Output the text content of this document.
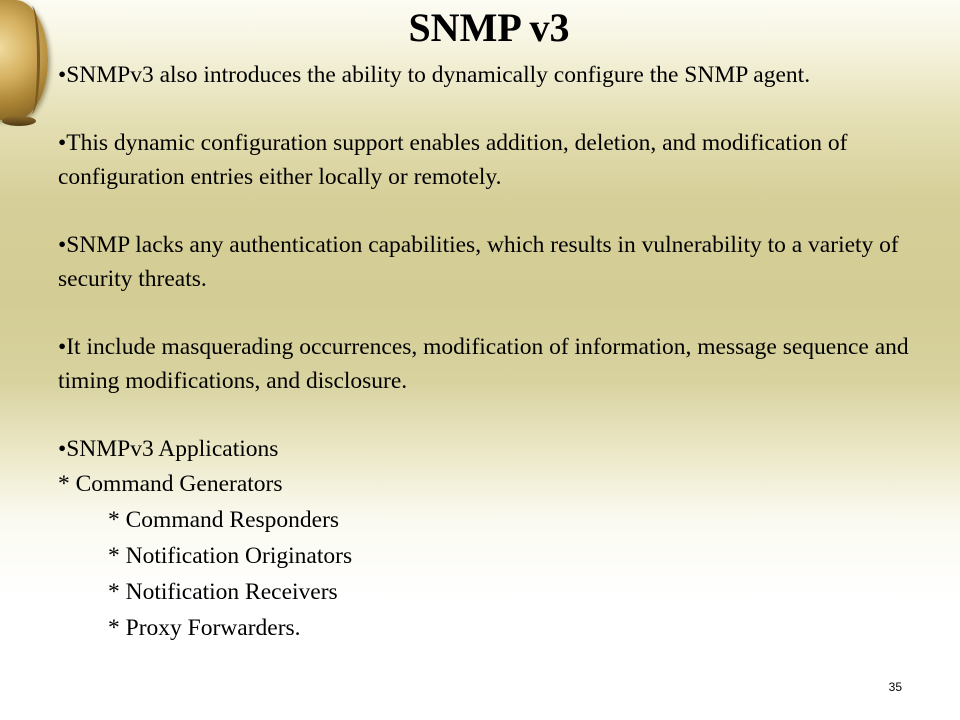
SNMP v3

•SNMPv3 also introduces the ability to dynamically configure the SNMP agent.

•This dynamic configuration support enables addition, deletion, and modification of configuration entries either locally or remotely.

•SNMP lacks any authentication capabilities, which results in vulnerability to a variety of security threats.

•It include masquerading occurrences, modification of information, message sequence and timing modifications, and disclosure.

•SNMPv3 Applications

* Command Generators

* Command Responders

* Notification Originators

* Notification Receivers

* Proxy Forwarders.

35
